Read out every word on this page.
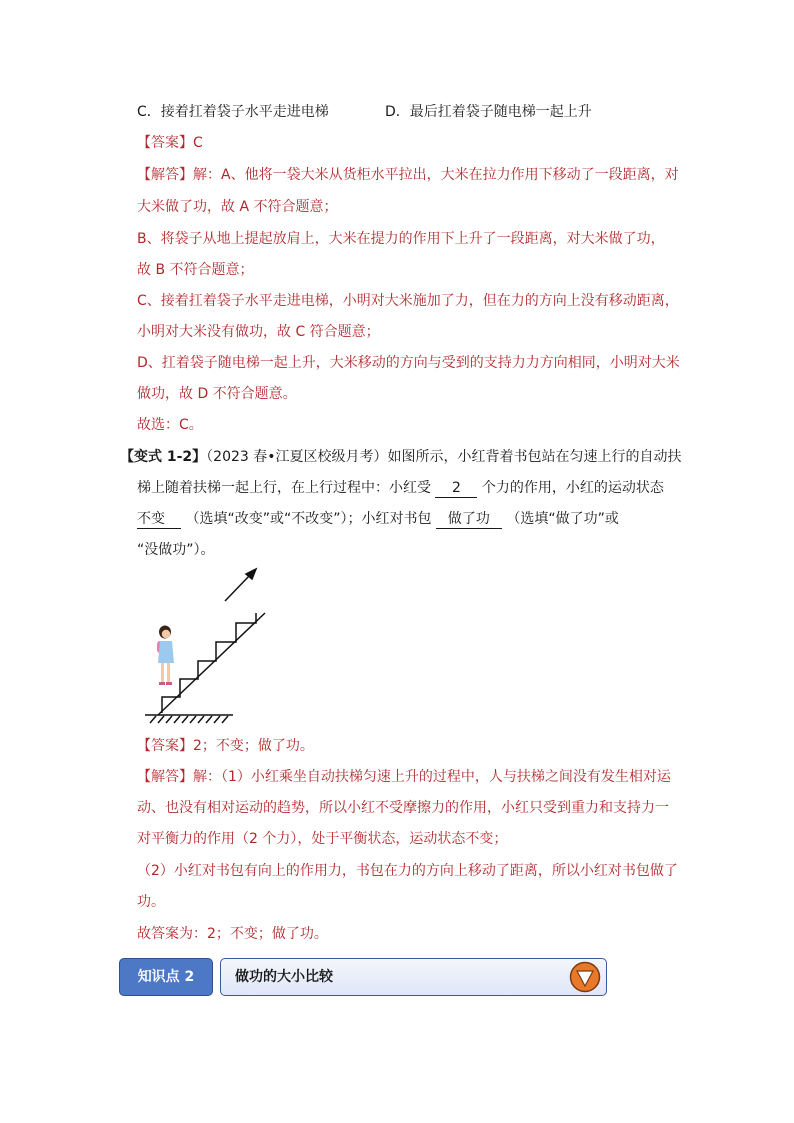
C．接着扛着袋子水平走进电梯	D．最后扛着袋子随电梯一起上升
【答案】C
【解答】解：A、他将一袋大米从货柜水平拉出，大米在拉力作用下移动了一段距离，对
大米做了功，故 A 不符合题意；
B、将袋子从地上提起放肩上，大米在提力的作用下上升了一段距离，对大米做了功，
故 B 不符合题意；
C、接着扛着袋子水平走进电梯，小明对大米施加了力，但在力的方向上没有移动距离，
小明对大米没有做功，故 C 符合题意；
D、扛着袋子随电梯一起上升，大米移动的方向与受到的支持力力方向相同，小明对大米
做功，故 D 不符合题意。
故选：C。
【变式 1-2】（2023 春•江夏区校级月考）如图所示，小红背着书包站在匀速上行的自动扶
梯上随着扶梯一起上行，在上行过程中：小红受 2 个力的作用，小红的运动状态
不变 （选填“改变”或“不改变”）；小红对书包 做了功 （选填“做了功”或
“没做功”）。
【答案】2；不变；做了功。
【解答】解：（1）小红乘坐自动扶梯匀速上升的过程中，人与扶梯之间没有发生相对运
动、也没有相对运动的趋势，所以小红不受摩擦力的作用，小红只受到重力和支持力一
对平衡力的作用（2 个力），处于平衡状态，运动状态不变；
（2）小红对书包有向上的作用力，书包在力的方向上移动了距离，所以小红对书包做了
功。
故答案为：2；不变；做了功。
知识点 2	做功的大小比较
